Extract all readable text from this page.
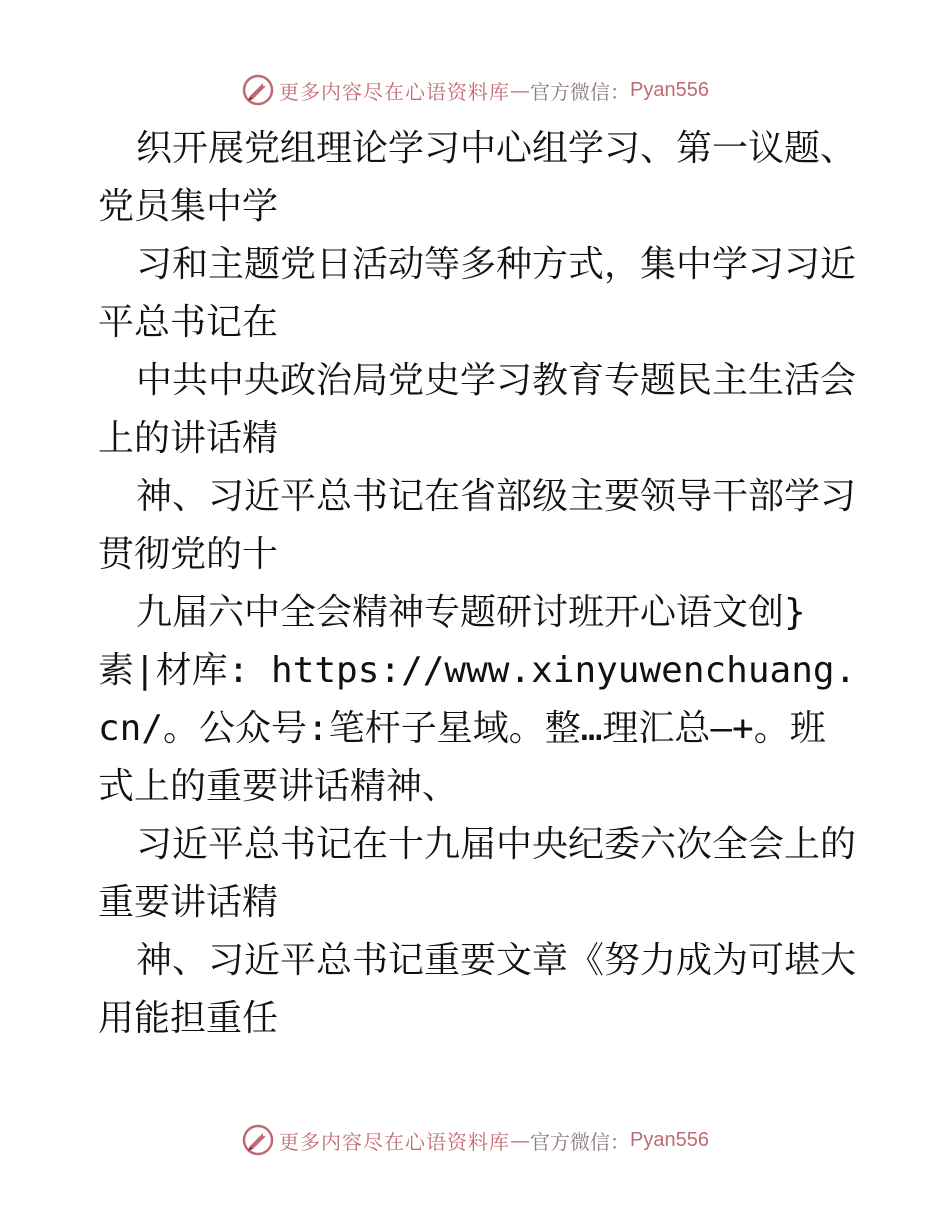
更多内容尽在心语资料库 — 官方微信： Pyan556

织开展党组理论学习中心组学习、第一议题、党员集中学

习和主题党日活动等多种方式，集中学习习近平总书记在

中共中央政治局党史学习教育专题民主生活会上的讲话精

神、习近平总书记在省部级主要领导干部学习贯彻党的十

九届六中全会精神专题研讨班开心语文创}素|材库: https://www.xinyuwenchuang.cn/。公众号:笔杆子星域。整…理汇总—+。班式上的重要讲话精神、

习近平总书记在十九届中央纪委六次全会上的重要讲话精

神、习近平总书记重要文章《努力成为可堪大用能担重任

更多内容尽在心语资料库 — 官方微信： Pyan556
